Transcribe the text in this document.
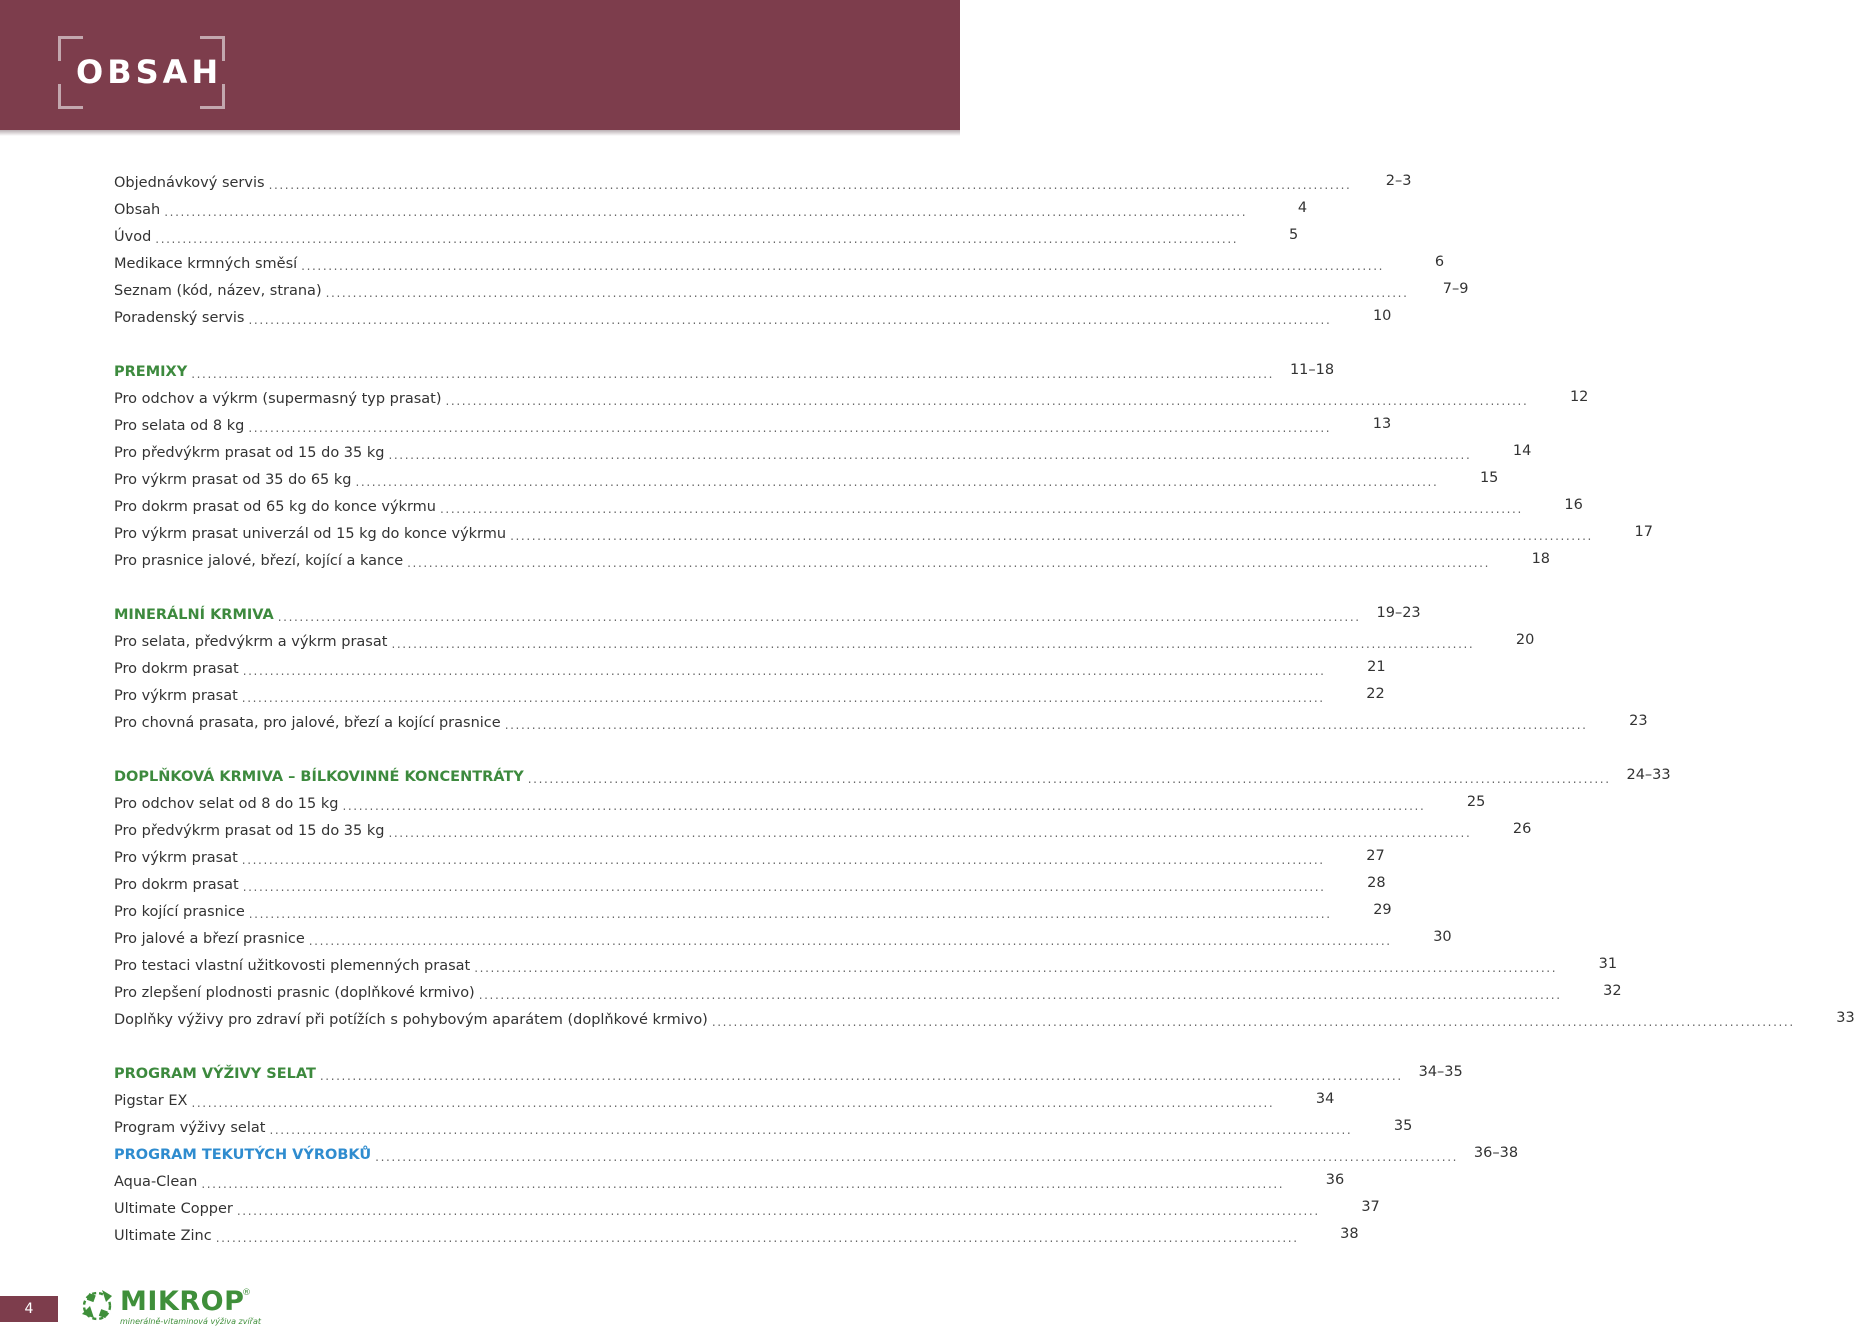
OBSAH
Objednávkový servis ........................................................................................................................................................................................................ 2–3
Obsah ........................................................................................................................................................................................................	4
Úvod ........................................................................................................................................................................................................	5
Medikace krmných směsí ........................................................................................................................................................................................................	6
Seznam (kód, název, strana) ........................................................................................................................................................................................................ 7–9
Poradenský servis ........................................................................................................................................................................................................	10
PREMIXY ........................................................................................................................................................................................................ 11–18
Pro odchov a výkrm (supermasný typ prasat) ........................................................................................................................................................................................................	12
Pro selata od 8 kg ........................................................................................................................................................................................................	13
Pro předvýkrm prasat od 15 do 35 kg ........................................................................................................................................................................................................	14
Pro výkrm prasat od 35 do 65 kg ........................................................................................................................................................................................................	15
Pro dokrm prasat od 65 kg do konce výkrmu ........................................................................................................................................................................................................	16
Pro výkrm prasat univerzál od 15 kg do konce výkrmu ........................................................................................................................................................................................................	17
Pro prasnice jalové, březí, kojící a kance ........................................................................................................................................................................................................	18
MINERÁLNÍ KRMIVA ........................................................................................................................................................................................................ 19–23
Pro selata, předvýkrm a výkrm prasat ........................................................................................................................................................................................................	20
Pro dokrm prasat ........................................................................................................................................................................................................	21
Pro výkrm prasat ........................................................................................................................................................................................................	22
Pro chovná prasata, pro jalové, březí a kojící prasnice ........................................................................................................................................................................................................	23
DOPLŇKOVÁ KRMIVA – BÍLKOVINNÉ KONCENTRÁTY ........................................................................................................................................................................................................ 24–33
Pro odchov selat od 8 do 15 kg ........................................................................................................................................................................................................	25
Pro předvýkrm prasat od 15 do 35 kg ........................................................................................................................................................................................................	26
Pro výkrm prasat ........................................................................................................................................................................................................	27
Pro dokrm prasat ........................................................................................................................................................................................................	28
Pro kojící prasnice ........................................................................................................................................................................................................	29
Pro jalové a březí prasnice ........................................................................................................................................................................................................	30
Pro testaci vlastní užitkovosti plemenných prasat ........................................................................................................................................................................................................	31
Pro zlepšení plodnosti prasnic (doplňkové krmivo) ........................................................................................................................................................................................................	32
Doplňky výživy pro zdraví při potížích s pohybovým aparátem (doplňkové krmivo) ........................................................................................................................................................................................................	33
PROGRAM VÝŽIVY SELAT ........................................................................................................................................................................................................ 34–35
Pigstar EX ........................................................................................................................................................................................................	34
Program výživy selat ........................................................................................................................................................................................................	35
PROGRAM TEKUTÝCH VÝROBKŮ ........................................................................................................................................................................................................ 36–38
Aqua-Clean ........................................................................................................................................................................................................	36
Ultimate Copper ........................................................................................................................................................................................................	37
Ultimate Zinc ........................................................................................................................................................................................................	38
4	MIKROP
®
minerálně-vitaminová výživa zvířat
